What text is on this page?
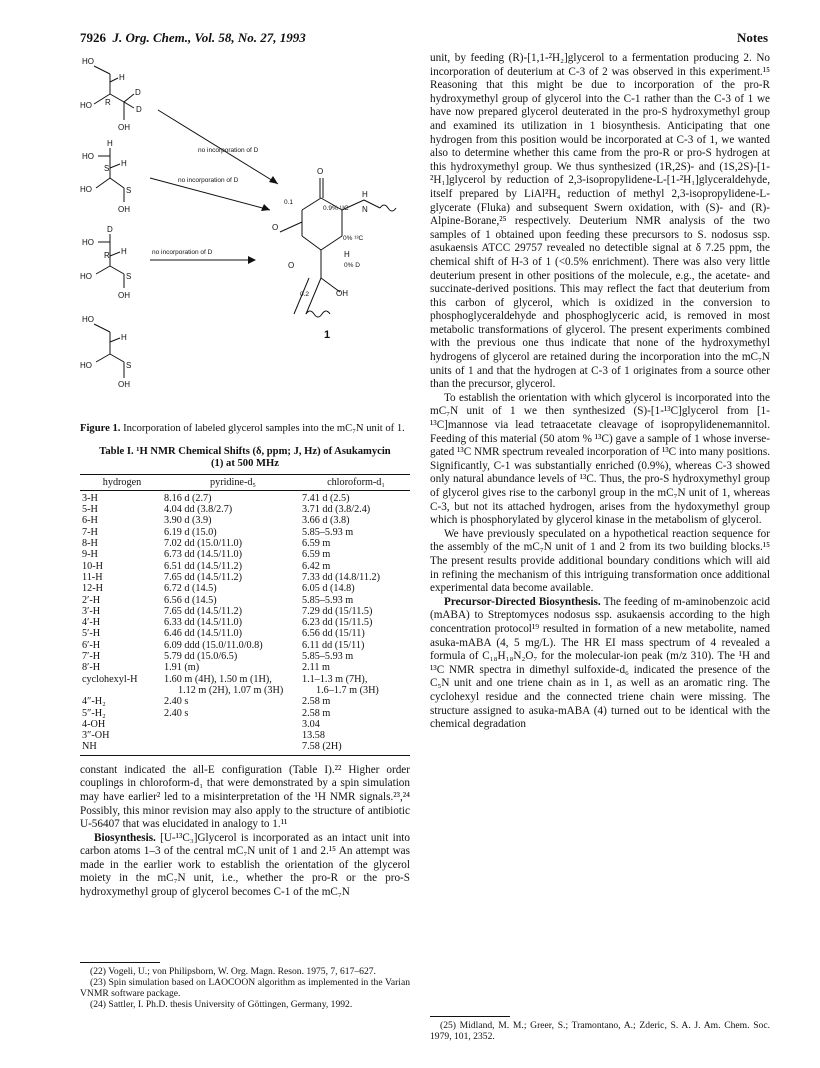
7926 J. Org. Chem., Vol. 58, No. 27, 1993	Notes
HO
H
HO R
D
D
OH
HO
H
H
S
HO	S
OH
HO
D
H
R
HO	S
OH
HO
H
HO	S
OH
no incorporation of D
no incorporation of D
no incorporation of D
O
0.9% ¹³C
H
N
0.1
O
0% ¹³C
H
0% D
O
0.2	OH
1

Figure 1. Incorporation of labeled glycerol samples into the mC₇N unit of 1.

Table I. ¹H NMR Chemical Shifts (δ, ppm; J, Hz) of Asukamycin (1) at 500 MHz
hydrogen	pyridine-d₅	chloroform-d₁
3-H	8.16 d (2.7)	7.41 d (2.5)
5-H	4.04 dd (3.8/2.7)	3.71 dd (3.8/2.4)
6-H	3.90 d (3.9)	3.66 d (3.8)
7-H	6.19 d (15.0)	5.85–5.93 m
8-H	7.02 dd (15.0/11.0)	6.59 m
9-H	6.73 dd (14.5/11.0)	6.59 m
10-H	6.51 dd (14.5/11.2)	6.42 m
11-H	7.65 dd (14.5/11.2)	7.33 dd (14.8/11.2)
12-H	6.72 d (14.5)	6.05 d (14.8)
2′-H	6.56 d (14.5)	5.85–5.93 m
3′-H	7.65 dd (14.5/11.2)	7.29 dd (15/11.5)
4′-H	6.33 dd (14.5/11.0)	6.23 dd (15/11.5)
5′-H	6.46 dd (14.5/11.0)	6.56 dd (15/11)
6′-H	6.09 ddd (15.0/11.0/0.8)	6.11 dd (15/11)
7′-H	5.79 dd (15.0/6.5)	5.85–5.93 m
8′-H	1.91 (m)	2.11 m
cyclohexyl-H	1.60 m (4H), 1.50 m (1H),	1.1–1.3 m (7H),
	1.12 m (2H), 1.07 m (3H)	1.6–1.7 m (3H)
4″-H₂	2.40 s	2.58 m
5″-H₂	2.40 s	2.58 m
4-OH		3.04
3″-OH		13.58
NH		7.58 (2H)

constant indicated the all-E configuration (Table I).²² Higher order couplings in chloroform-d₁ that were demonstrated by a spin simulation may have earlier² led to a misinterpretation of the ¹H NMR signals.²³,²⁴ Possibly, this minor revision may also apply to the structure of antibiotic U-56407 that was elucidated in analogy to 1.¹¹

Biosynthesis. [U-¹³C₃]Glycerol is incorporated as an intact unit into carbon atoms 1–3 of the central mC₇N unit of 1 and 2.¹⁵ An attempt was made in the earlier work to establish the orientation of the glycerol moiety in the mC₇N unit, i.e., whether the pro-R or the pro-S hydroxymethyl group of glycerol becomes C-1 of the mC₇N

unit, by feeding (R)-[1,1-²H₂]glycerol to a fermentation producing 2. No incorporation of deuterium at C-3 of 2 was observed in this experiment.¹⁵ Reasoning that this might be due to incorporation of the pro-R hydroxymethyl group of glycerol into the C-1 rather than the C-3 of 1 we have now prepared glycerol deuterated in the pro-S hydroxymethyl group and examined its utilization in 1 biosynthesis. Anticipating that one hydrogen from this position would be incorporated at C-3 of 1, we wanted also to determine whether this came from the pro-R or pro-S hydrogen at this hydroxymethyl group. We thus synthesized (1R,2S)- and (1S,2S)-[1-²H₁]glycerol by reduction of 2,3-isopropylidene-L-[1-²H₁]glyceraldehyde, itself prepared by LiAl²H₄ reduction of methyl 2,3-isopropylidene-L-glycerate (Fluka) and subsequent Swern oxidation, with (S)- and (R)-Alpine-Borane,²⁵ respectively. Deuterium NMR analysis of the two samples of 1 obtained upon feeding these precursors to S. nodosus ssp. asukaensis ATCC 29757 revealed no detectible signal at δ 7.25 ppm, the chemical shift of H-3 of 1 (<0.5% enrichment). There was also very little deuterium present in other positions of the molecule, e.g., the acetate- and succinate-derived positions. This may reflect the fact that deuterium from this carbon of glycerol, which is oxidized in the conversion to phosphoglyceraldehyde and phosphoglyceric acid, is removed in most metabolic transformations of glycerol. The present experiments combined with the previous one thus indicate that none of the hydroxymethyl hydrogens of glycerol are retained during the incorporation into the mC₇N units of 1 and that the hydrogen at C-3 of 1 originates from a source other than the precursor, glycerol.

To establish the orientation with which glycerol is incorporated into the mC₇N unit of 1 we then synthesized (S)-[1-¹³C]glycerol from [1-¹³C]mannose via lead tetraacetate cleavage of isopropylidenemannitol. Feeding of this material (50 atom % ¹³C) gave a sample of 1 whose inverse-gated ¹³C NMR spectrum revealed incorporation of ¹³C into many positions. Significantly, C-1 was substantially enriched (0.9%), whereas C-3 showed only natural abundance levels of ¹³C. Thus, the pro-S hydroxymethyl group of glycerol gives rise to the carbonyl group in the mC₇N unit of 1, whereas C-3, but not its attached hydrogen, arises from the hydoxymethyl group which is phosphorylated by glycerol kinase in the metabolism of glycerol.

We have previously speculated on a hypothetical reaction sequence for the assembly of the mC₇N unit of 1 and 2 from its two building blocks.¹⁵ The present results provide additional boundary conditions which will aid in refining the mechanism of this intriguing transformation once additional experimental data become available.

Precursor-Directed Biosynthesis. The feeding of m-aminobenzoic acid (mABA) to Streptomyces nodosus ssp. asukaensis according to the high concentration protocol¹⁹ resulted in formation of a new metabolite, named asuka-mABA (4, 5 mg/L). The HR EI mass spectrum of 4 revealed a formula of C₁₈H₁₈N₂O₇ for the molecular-ion peak (m/z 310). The ¹H and ¹³C NMR spectra in dimethyl sulfoxide-d₆ indicated the presence of the C₅N unit and one triene chain as in 1, as well as an aromatic ring. The cyclohexyl residue and the connected triene chain were missing. The structure assigned to asuka-mABA (4) turned out to be identical with the chemical degradation

(22) Vogeli, U.; von Philipsborn, W. Org. Magn. Reson. 1975, 7, 617–627.

(23) Spin simulation based on LAOCOON algorithm as implemented in the Varian VNMR software package.

(24) Sattler, I. Ph.D. thesis University of Göttingen, Germany, 1992.

(25) Midland, M. M.; Greer, S.; Tramontano, A.; Zderic, S. A. J. Am. Chem. Soc. 1979, 101, 2352.
